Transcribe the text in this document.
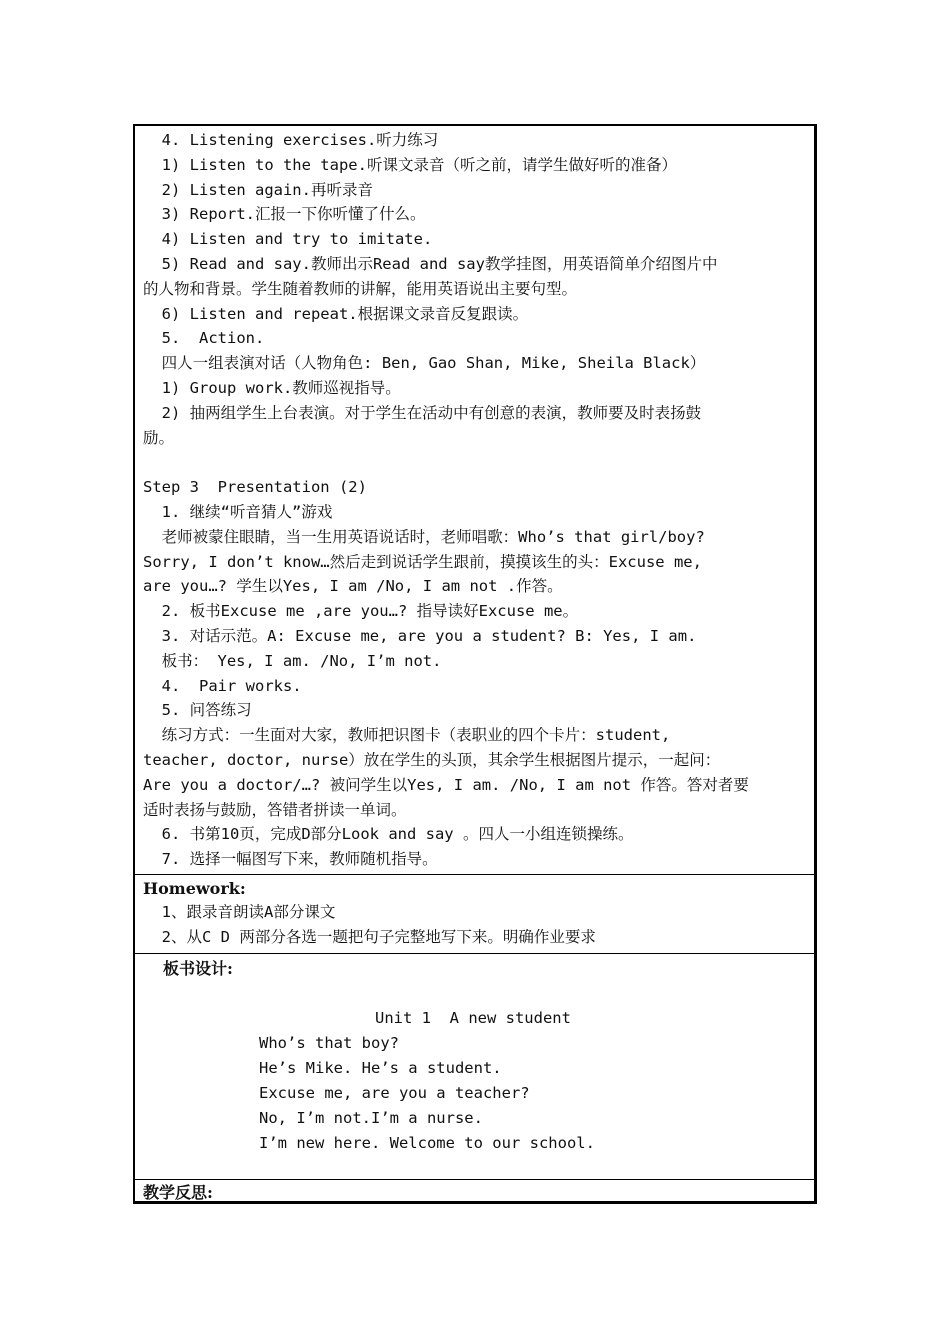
4. Listening exercises.听力练习
1) Listen to the tape.听课文录音（听之前，请学生做好听的准备）
2) Listen again.再听录音
3) Report.汇报一下你听懂了什么。
4) Listen and try to imitate.
5) Read and say.教师出示Read and say教学挂图，用英语简单介绍图片中
的人物和背景。学生随着教师的讲解，能用英语说出主要句型。
6) Listen and repeat.根据课文录音反复跟读。
5.  Action.
四人一组表演对话（人物角色: Ben, Gao Shan, Mike, Sheila Black）
1) Group work.教师巡视指导。
2) 抽两组学生上台表演。对于学生在活动中有创意的表演，教师要及时表扬鼓
励。
Step 3  Presentation (2)
1. 继续“听音猜人”游戏
老师被蒙住眼睛，当一生用英语说话时，老师唱歌：Who’s that girl/boy?
Sorry, I don’t know…然后走到说话学生跟前，摸摸该生的头：Excuse me,
are you…? 学生以Yes, I am /No, I am not .作答。
2. 板书Excuse me ,are you…? 指导读好Excuse me。
3. 对话示范。A: Excuse me, are you a student? B: Yes, I am.
板书： Yes, I am. /No, I’m not.
4.  Pair works.
5. 问答练习
练习方式：一生面对大家，教师把识图卡（表职业的四个卡片：student,
teacher, doctor, nurse）放在学生的头顶，其余学生根据图片提示，一起问：
Are you a doctor/…? 被问学生以Yes, I am. /No, I am not 作答。答对者要
适时表扬与鼓励，答错者拼读一单词。
6. 书第10页，完成D部分Look and say 。四人一小组连锁操练。
7. 选择一幅图写下来，教师随机指导。
Homework:
1、跟录音朗读A部分课文
2、从C D 两部分各选一题把句子完整地写下来。明确作业要求
板书设计:
Unit 1  A new student
Who’s that boy?
He’s Mike. He’s a student.
Excuse me, are you a teacher?
No, I’m not.I’m a nurse.
I’m new here. Welcome to our school.
教学反思:
